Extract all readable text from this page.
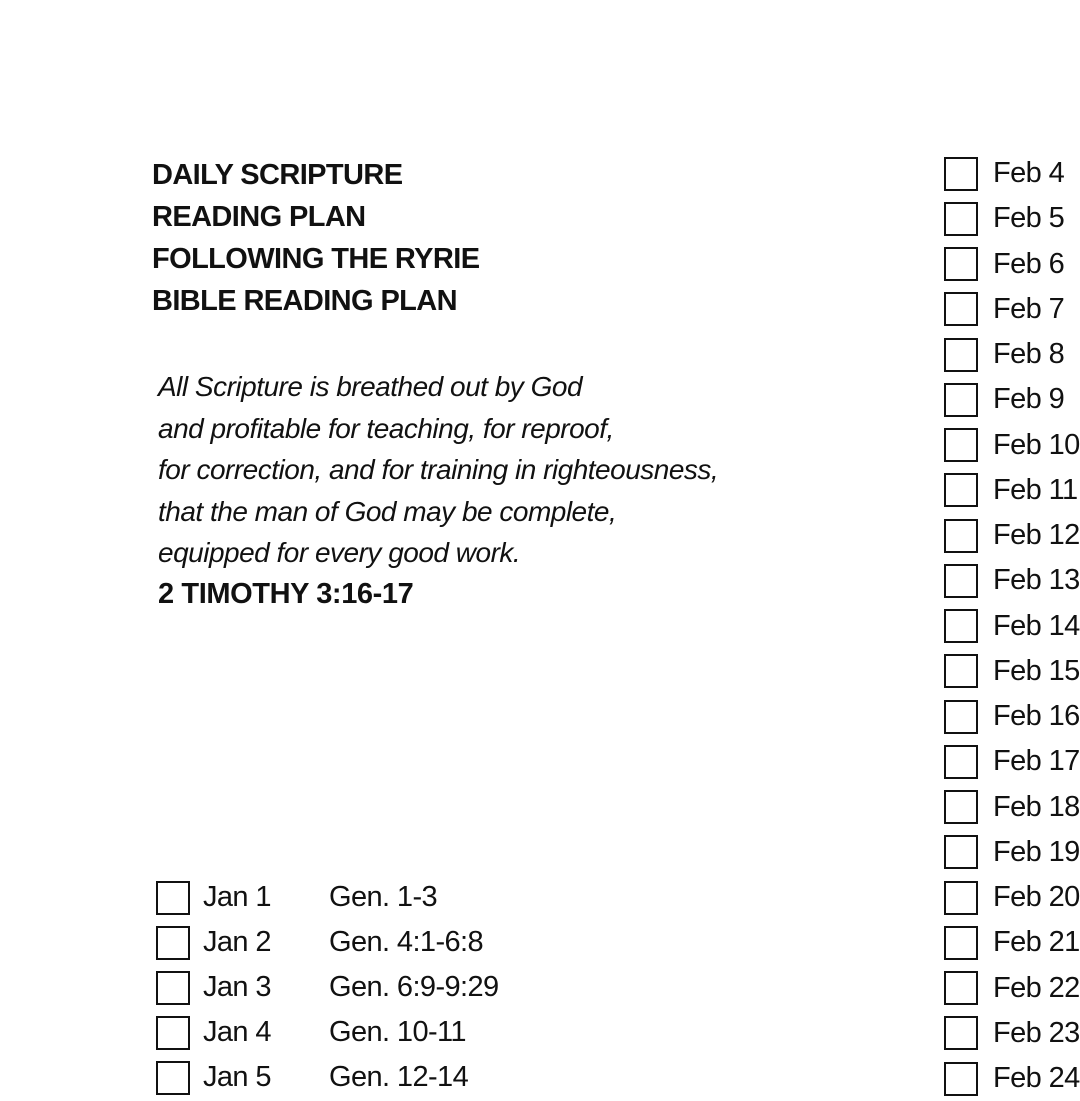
DAILY SCRIPTURE
READING PLAN
FOLLOWING THE RYRIE
BIBLE READING PLAN
All Scripture is breathed out by God
and profitable for teaching, for reproof,
for correction, and for training in righteousness,
that the man of God may be complete,
equipped for every good work.
2 TIMOTHY 3:16-17
Jan 1 Gen. 1-3
Jan 2 Gen. 4:1-6:8
Jan 3 Gen. 6:9-9:29
Jan 4 Gen. 10-11
Jan 5 Gen. 12-14
Feb 4
Feb 5
Feb 6
Feb 7
Feb 8
Feb 9
Feb 10
Feb 11
Feb 12
Feb 13
Feb 14
Feb 15
Feb 16
Feb 17
Feb 18
Feb 19
Feb 20
Feb 21
Feb 22
Feb 23
Feb 24
